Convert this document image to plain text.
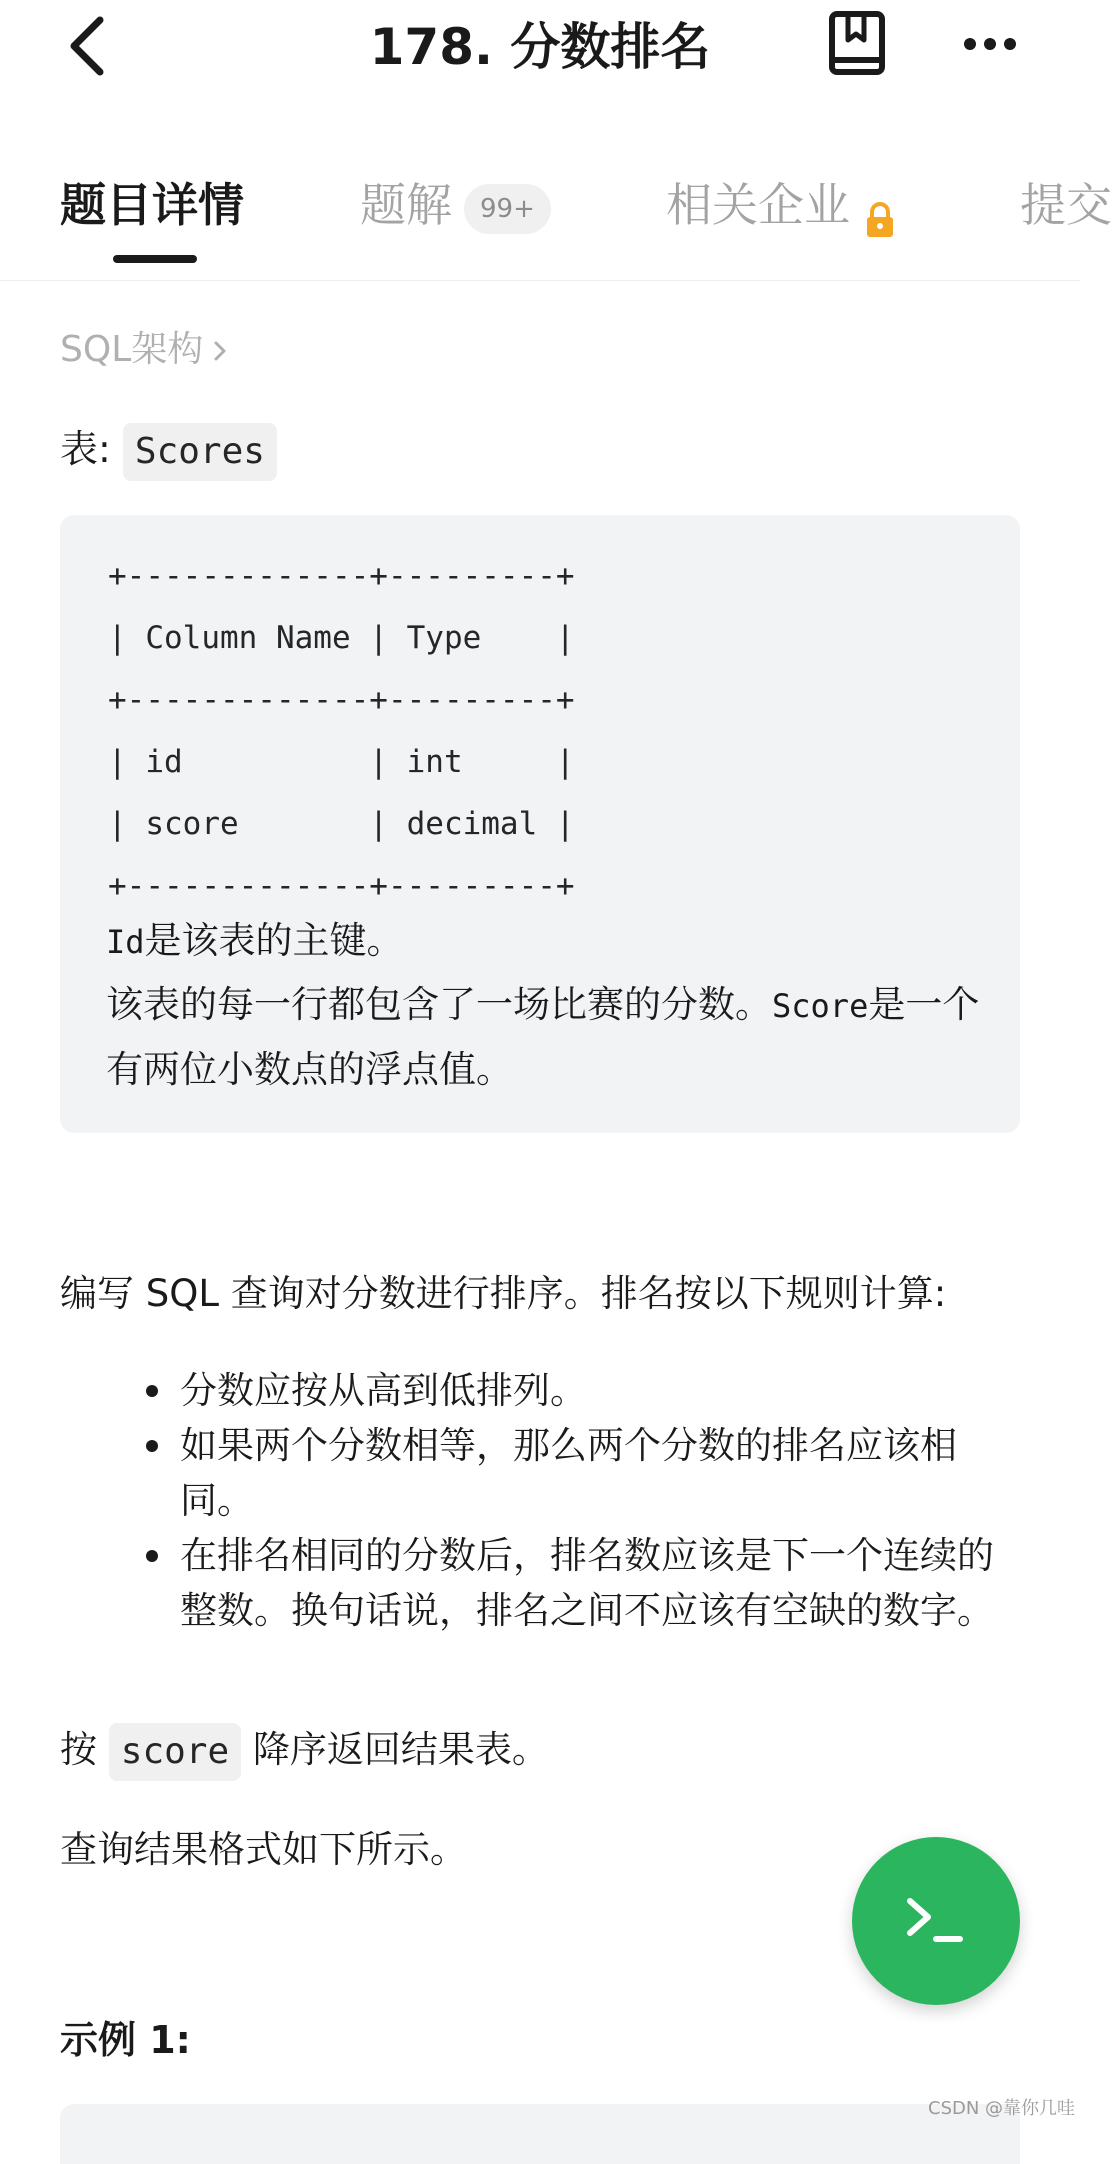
178. 分数排名
题目详情	题解 99+	相关企业	提交
SQL架构
表: Scores
+-------------+---------+
| Column Name | Type    |
+-------------+---------+
| id          | int     |
| score       | decimal |
+-------------+---------+
Id是该表的主键。
该表的每一行都包含了一场比赛的分数。Score是一个有两位小数点的浮点值。
编写 SQL 查询对分数进行排序。排名按以下规则计算:
分数应按从高到低排列。
如果两个分数相等，那么两个分数的排名应该相同。
在排名相同的分数后，排名数应该是下一个连续的整数。换句话说，排名之间不应该有空缺的数字。
按 score 降序返回结果表。
查询结果格式如下所示。
示例 1:
CSDN @靠你几哇
